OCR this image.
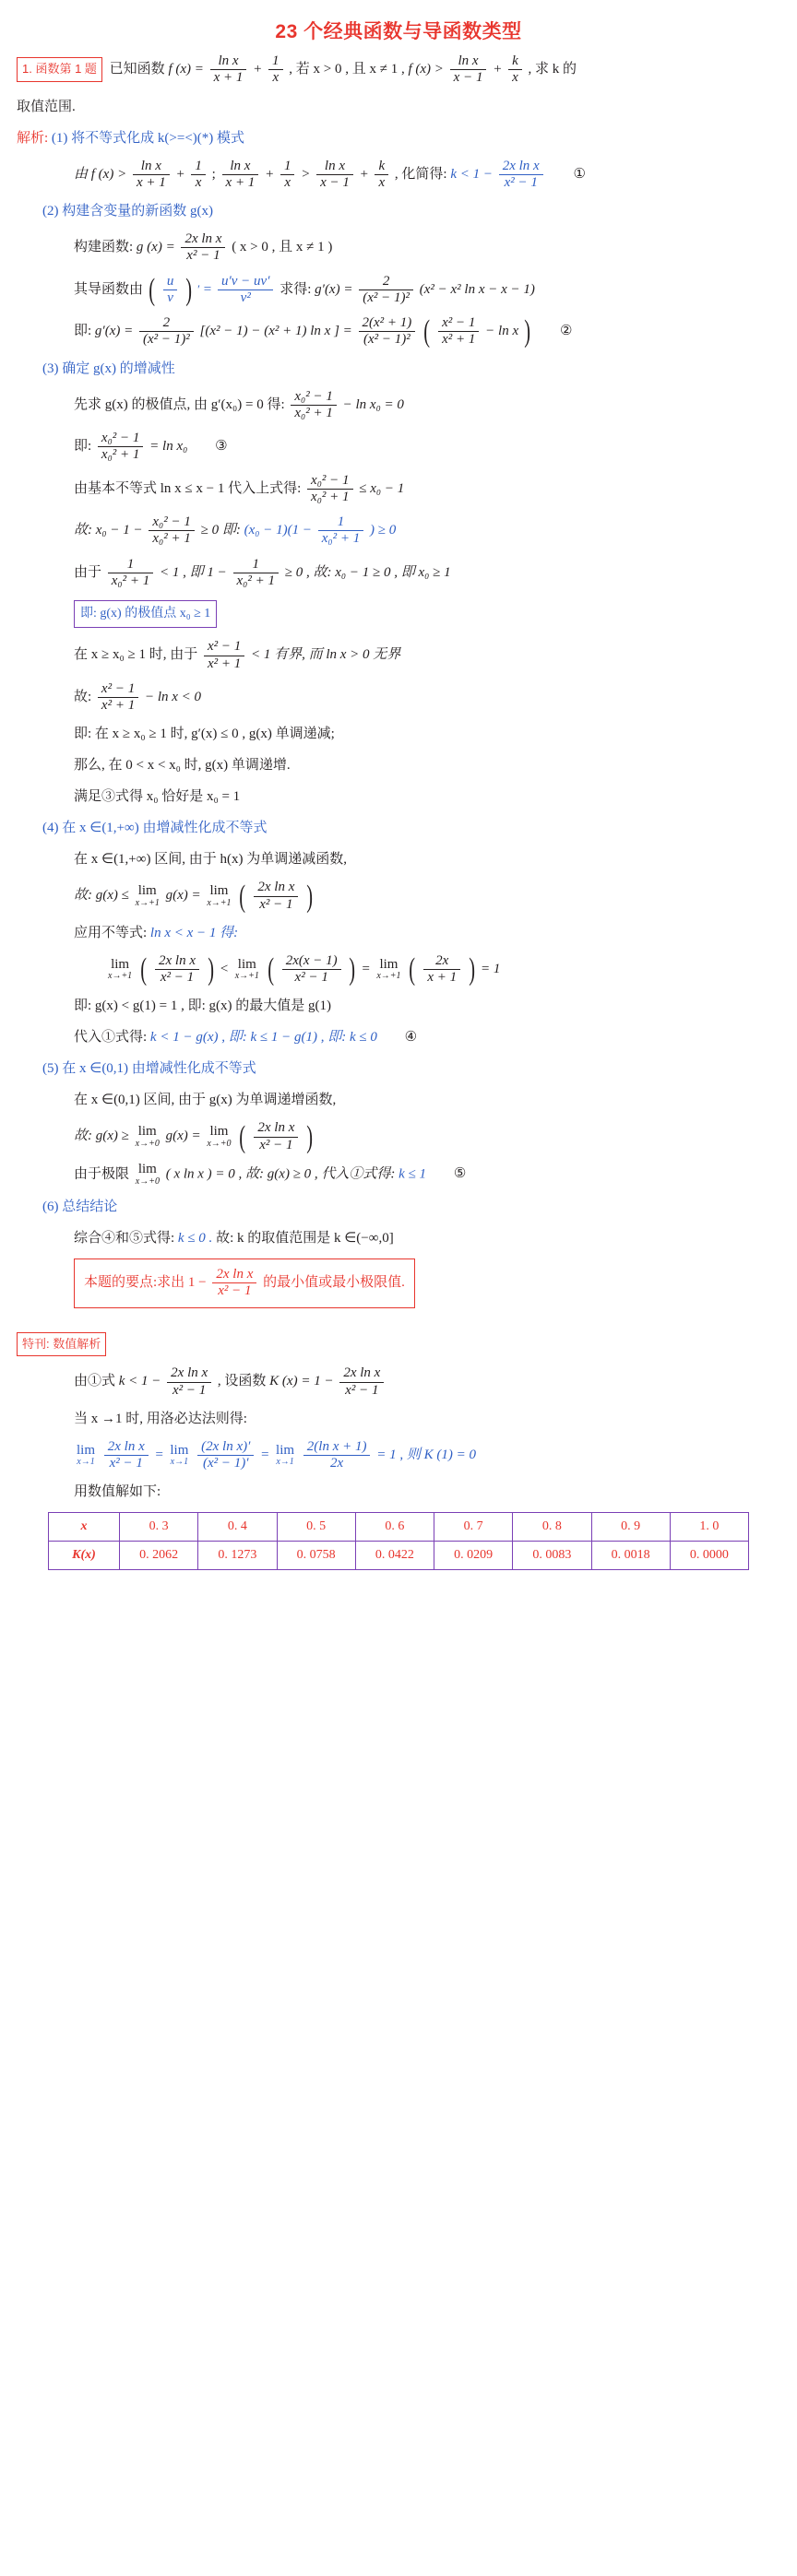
23 个经典函数与导函数类型
1. 函数第 1 题 已知函数 f $(x) = \frac{\text{ln x}}{x + 1} + \frac{1}{x}$ , 若 x > 0 , 且 x ≠ 1 , f $(x) > \frac{\text{ln x}}{x - 1} + \frac{k}{x}$ , 求 k 的
取值范围.
解析: (1) 将不等式化成 k(>=<)(*) 模式
由 f $(x) > \frac{\text{ln x}}{x + 1} + \frac{1}{x}$ ; $\frac{\text{ln x}}{x + 1} + \frac{1}{x} > \frac{\text{ln x}}{x - 1} + \frac{k}{x}$ , 化简得: $k < 1 - \frac{\text{2x ln x}}{\text{x² − 1}}$ ①
(2) 构建含变量的新函数 g(x)
构建函数: g $(x) = \frac{\text{2x ln x}}{\text{x² − 1}}$ ( x > 0 , 且 x ≠ 1 )
其导函数由 ( $\frac{u}{v}$ ) ′ = $\frac{u'v - uv'}{\text{v²}}$ 求得: $g'(x) = \frac{2}{\text{(x² − 1)²}} (x^2 - x^2$ ln x − x − 1)
即: $g'(x) = \frac{2}{\text{(x² − 1)²}} [(x^2 - 1) - (x^2 + 1)$ ln x ] = $\frac{\text{2(x² + 1)}}{\text{(x² − 1)²}}$ ( $\frac{\text{x² − 1}}{\text{x² + 1}} - \ln x$ ) ②
(3) 确定 g(x) 的增减性
先求 g(x) 的极值点, 由 g′(x₀) = 0 得: $\frac{\text{x₀² − 1}}{\text{x₀² + 1}} - \ln x_0 = 0$
即: $\frac{\text{x₀² − 1}}{\text{x₀² + 1}} = \ln x_0$ ③
由基本不等式 ln x ≤ x − 1 代入上式得: $\frac{\text{x₀² − 1}}{\text{x₀² + 1}} \le x_0 - 1$
故: $x_0 - 1 - \frac{\text{x₀² − 1}}{\text{x₀² + 1}} \ge 0$ 即: $(x_0 - 1)(1 - \frac{1}{\text{x₀² + 1}}$ ) ≥ 0
由于 $\frac{1}{\text{x₀² + 1}} < 1$ , 即 $1 - \frac{1}{\text{x₀² + 1}} \ge 0$ , 故: x₀ − 1 ≥ 0 , 即 x₀ ≥ 1
即: g(x) 的极值点 x₀ ≥ 1
在 x ≥ x₀ ≥ 1 时, 由于 $\frac{\text{x² − 1}}{\text{x² + 1}} < 1$ 有界, 而 ln x > 0 无界
故: $\frac{\text{x² − 1}}{\text{x² + 1}} - \ln x < 0$
即: 在 x ≥ x₀ ≥ 1 时, g′(x) ≤ 0 , g(x) 单调递减;
那么, 在 0 < x < x₀ 时, g(x) 单调递增.
满足③式得 x₀ 恰好是 x₀ = 1
(4) 在 x ∈(1,+∞) 由增减性化成不等式
在 x ∈(1,+∞) 区间, 由于 h(x) 为单调递减函数,
故: g(x) ≤ lim
x→+1 g(x) = lim
x→+1 ( $\frac{\text{2x ln x}}{\text{x² − 1}}$ )
应用不等式: ln x < x − 1 得:
lim
x→+1 ( $\frac{\text{2x ln x}}{\text{x² − 1}}$ ) < lim
x→+1 ( $\frac{2x(x - 1)}{\text{x² − 1}}$ ) = lim
x→+1 ( $\frac{2x}{x + 1}$ ) = 1
即: g(x) < g(1) = 1 , 即: g(x) 的最大值是 g(1)
代入①式得: k < 1 − g(x) , 即: k ≤ 1 − g(1) , 即: k ≤ 0 ④
(5) 在 x ∈(0,1) 由增减性化成不等式
在 x ∈(0,1) 区间, 由于 g(x) 为单调递增函数,
故: g(x) ≥ lim
x→+0 g(x) = lim
x→+0 ( $\frac{\text{2x ln x}}{\text{x² − 1}}$ )
由于极限 lim
x→+0 ( x ln x ) = 0 , 故: g(x) ≥ 0 , 代入①式得: k ≤ 1 ⑤
(6) 总结结论
综合④和⑤式得: k ≤ 0 . 故: k 的取值范围是 k ∈(−∞,0]
本题的要点:求出 $1 - \frac{\text{2x ln x}}{\text{x² − 1}}$ 的最小值或最小极限值.
特刊: 数值解析
由①式 $k < 1 - \frac{\text{2x ln x}}{\text{x² − 1}}$ , 设函数 K $(x) = 1 - \frac{\text{2x ln x}}{\text{x² − 1}}$
当 x →1 时, 用洛必达法则得:
lim
x→1
$\frac{\text{2x ln x}}{\text{x² − 1}} = \lim$
x→1
$\frac{\text{(2x ln x)′}}{\text{(x² − 1)′}} = \lim$
x→1
$\frac{\text{2(ln x + 1)}}{2x} = 1$ , 则 K (1) = 0
用数值解如下:
x	0. 3	0. 4	0. 5	0. 6	0. 7	0. 8	0. 9	1. 0
K(x)	0. 2062	0. 1273	0. 0758	0. 0422	0. 0209	0. 0083	0. 0018	0. 0000
